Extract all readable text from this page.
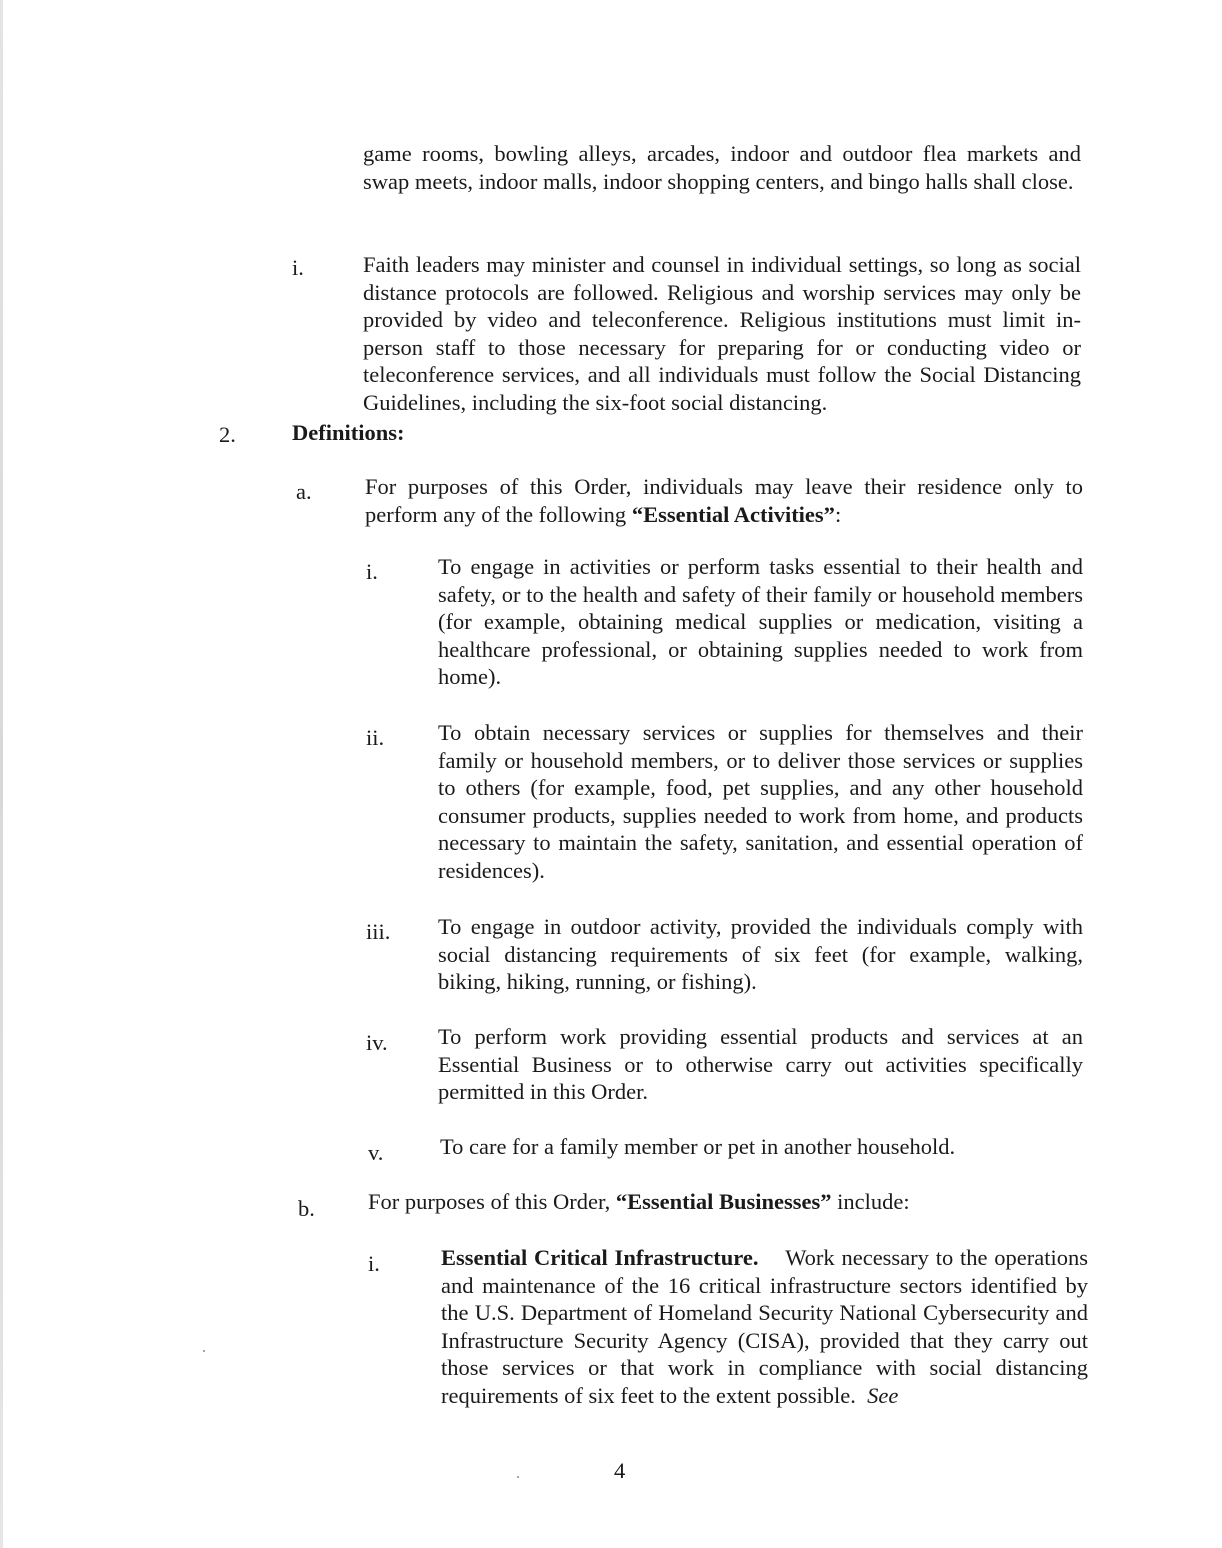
game rooms, bowling alleys, arcades, indoor and outdoor flea markets and swap meets, indoor malls, indoor shopping centers, and bingo halls shall close.
i.	Faith leaders may minister and counsel in individual settings, so long as social distance protocols are followed. Religious and worship services may only be provided by video and teleconference. Religious institutions must limit in-person staff to those necessary for preparing for or conducting video or teleconference services, and all individuals must follow the Social Distancing Guidelines, including the six-foot social distancing.
2. Definitions:
a. For purposes of this Order, individuals may leave their residence only to perform any of the following “Essential Activities”:
i.	To engage in activities or perform tasks essential to their health and safety, or to the health and safety of their family or household members (for example, obtaining medical supplies or medication, visiting a healthcare professional, or obtaining supplies needed to work from home).
ii. To obtain necessary services or supplies for themselves and their family or household members, or to deliver those services or supplies to others (for example, food, pet supplies, and any other household consumer products, supplies needed to work from home, and products necessary to maintain the safety, sanitation, and essential operation of residences).
iii. To engage in outdoor activity, provided the individuals comply with social distancing requirements of six feet (for example, walking, biking, hiking, running, or fishing).
iv. To perform work providing essential products and services at an Essential Business or to otherwise carry out activities specifically permitted in this Order.
v.	To care for a family member or pet in another household.
b. For purposes of this Order, “Essential Businesses” include:
i.	Essential Critical Infrastructure. Work necessary to the operations and maintenance of the 16 critical infrastructure sectors identified by the U.S. Department of Homeland Security National Cybersecurity and Infrastructure Security Agency (CISA), provided that they carry out those services or that work in compliance with social distancing requirements of six feet to the extent possible. See
4
